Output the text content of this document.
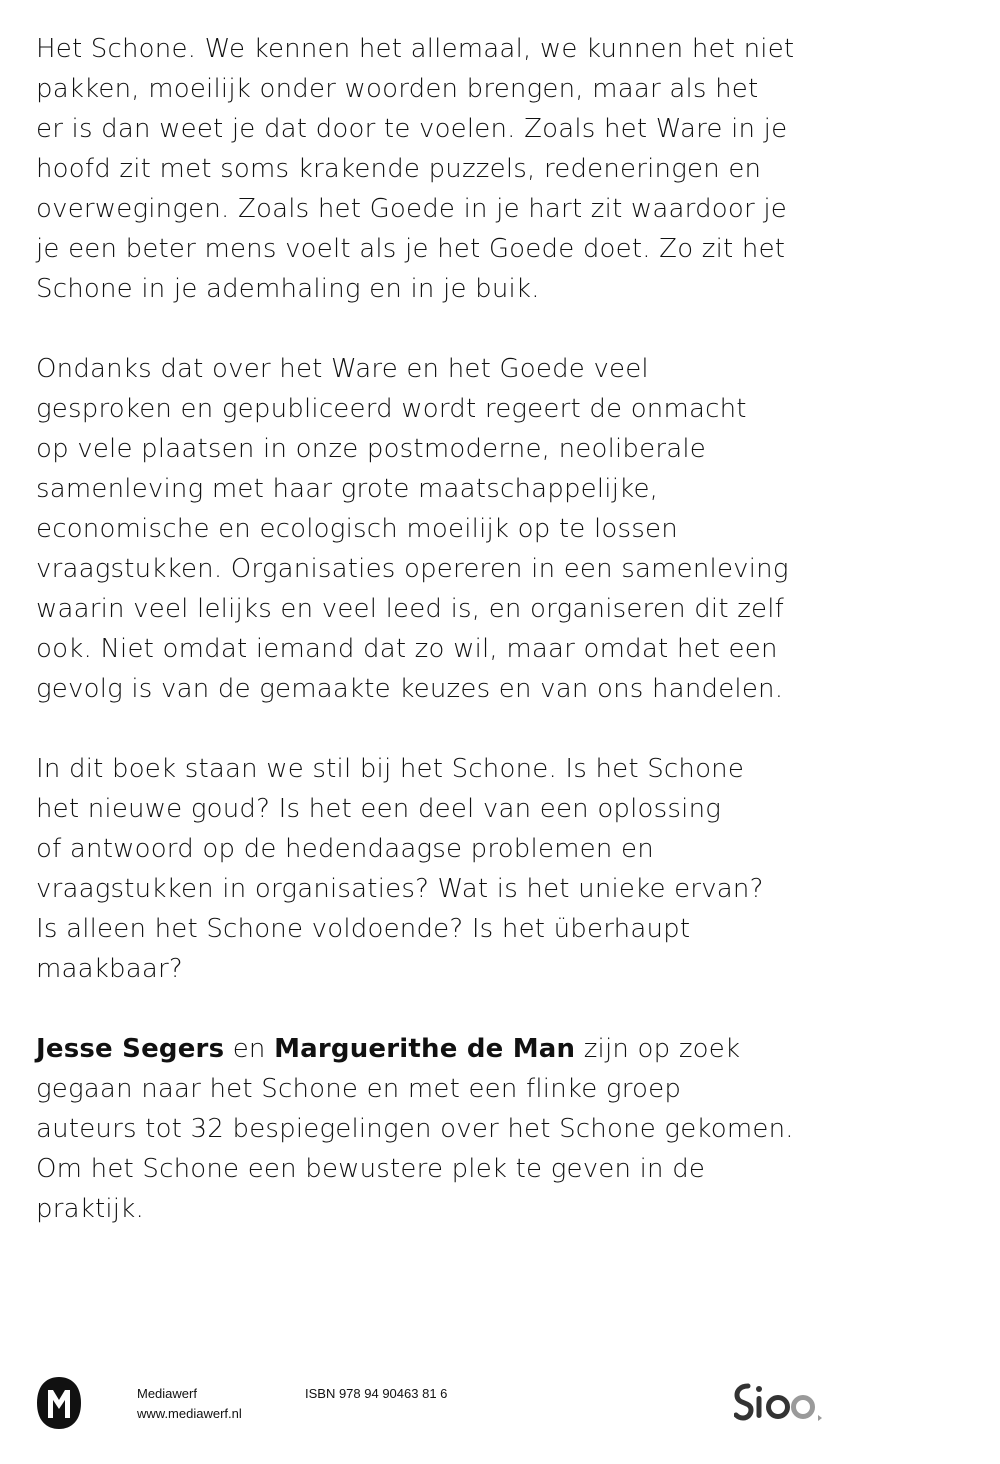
Het Schone. We kennen het allemaal, we kunnen het niet
pakken, moeilijk onder woorden brengen, maar als het
er is dan weet je dat door te voelen. Zoals het Ware in je
hoofd zit met soms krakende puzzels, redeneringen en
overwegingen. Zoals het Goede in je hart zit waardoor je
je een beter mens voelt als je het Goede doet. Zo zit het
Schone in je ademhaling en in je buik.

Ondanks dat over het Ware en het Goede veel
gesproken en gepubliceerd wordt regeert de onmacht
op vele plaatsen in onze postmoderne, neoliberale
samenleving met haar grote maatschappelijke,
economische en ecologisch moeilijk op te lossen
vraagstukken. Organisaties opereren in een samenleving
waarin veel lelijks en veel leed is, en organiseren dit zelf
ook. Niet omdat iemand dat zo wil, maar omdat het een
gevolg is van de gemaakte keuzes en van ons handelen.

In dit boek staan we stil bij het Schone. Is het Schone
het nieuwe goud? Is het een deel van een oplossing
of antwoord op de hedendaagse problemen en
vraagstukken in organisaties? Wat is het unieke ervan?
Is alleen het Schone voldoende? Is het überhaupt
maakbaar?

Jesse Segers en Marguerithe de Man zijn op zoek
gegaan naar het Schone en met een flinke groep
auteurs tot 32 bespiegelingen over het Schone gekomen.
Om het Schone een bewustere plek te geven in de
praktijk.

Mediawerf
www.mediawerf.nl
ISBN 978 94 90463 81 6
